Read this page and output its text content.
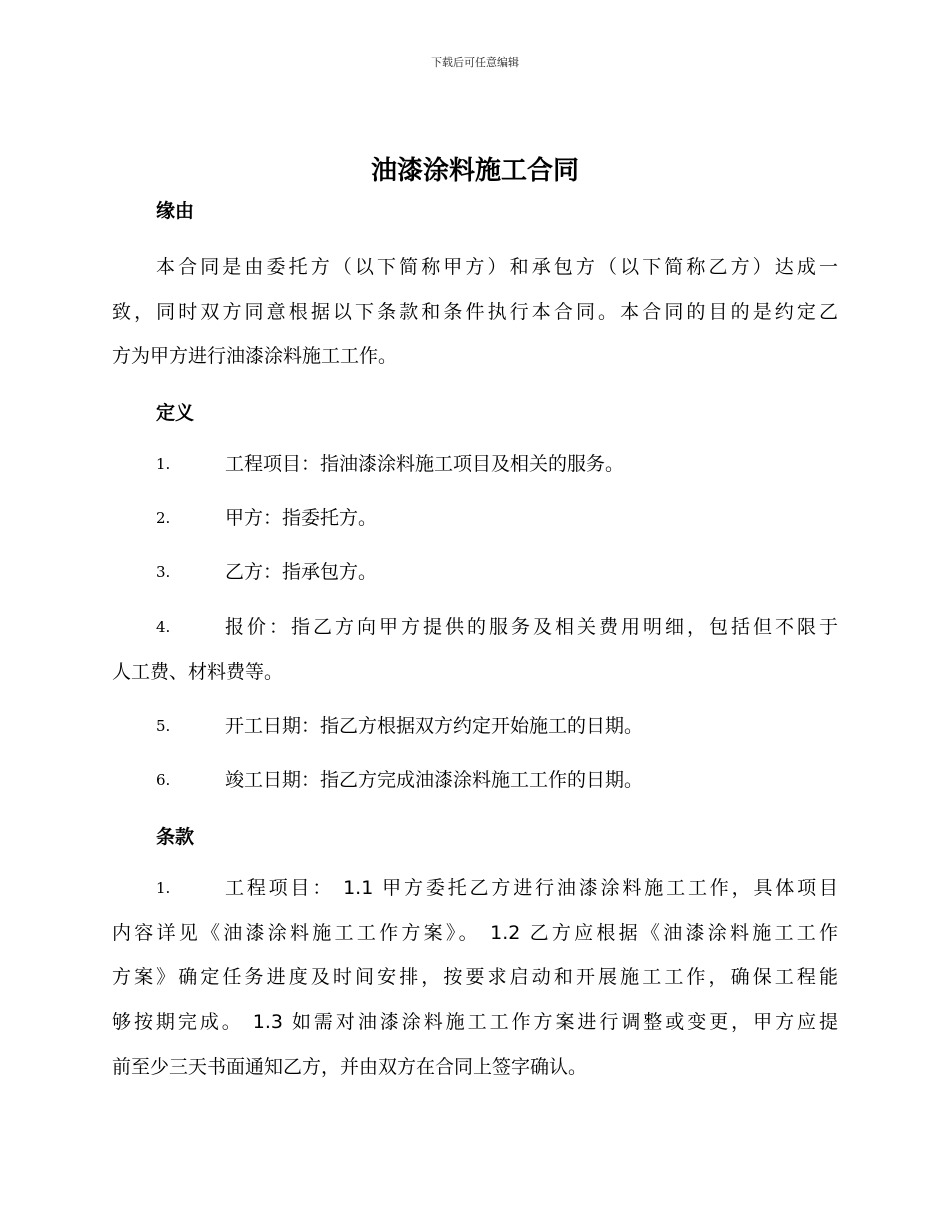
下载后可任意编辑
油漆涂料施工合同
缘由
本合同是由委托方（以下简称甲方）和承包方（以下简称乙方）达成一
致，同时双方同意根据以下条款和条件执行本合同。本合同的目的是约定乙
方为甲方进行油漆涂料施工工作。
定义
1.	工程项目：指油漆涂料施工项目及相关的服务。
2.	甲方：指委托方。
3.	乙方：指承包方。
4.	报价：指乙方向甲方提供的服务及相关费用明细，包括但不限于
人工费、材料费等。
5.	开工日期：指乙方根据双方约定开始施工的日期。
6.	竣工日期：指乙方完成油漆涂料施工工作的日期。
条款
1.	工程项目： 1.1 甲方委托乙方进行油漆涂料施工工作，具体项目
内容详见《油漆涂料施工工作方案》。 1.2 乙方应根据《油漆涂料施工工作
方案》确定任务进度及时间安排，按要求启动和开展施工工作，确保工程能
够按期完成。 1.3 如需对油漆涂料施工工作方案进行调整或变更，甲方应提
前至少三天书面通知乙方，并由双方在合同上签字确认。
